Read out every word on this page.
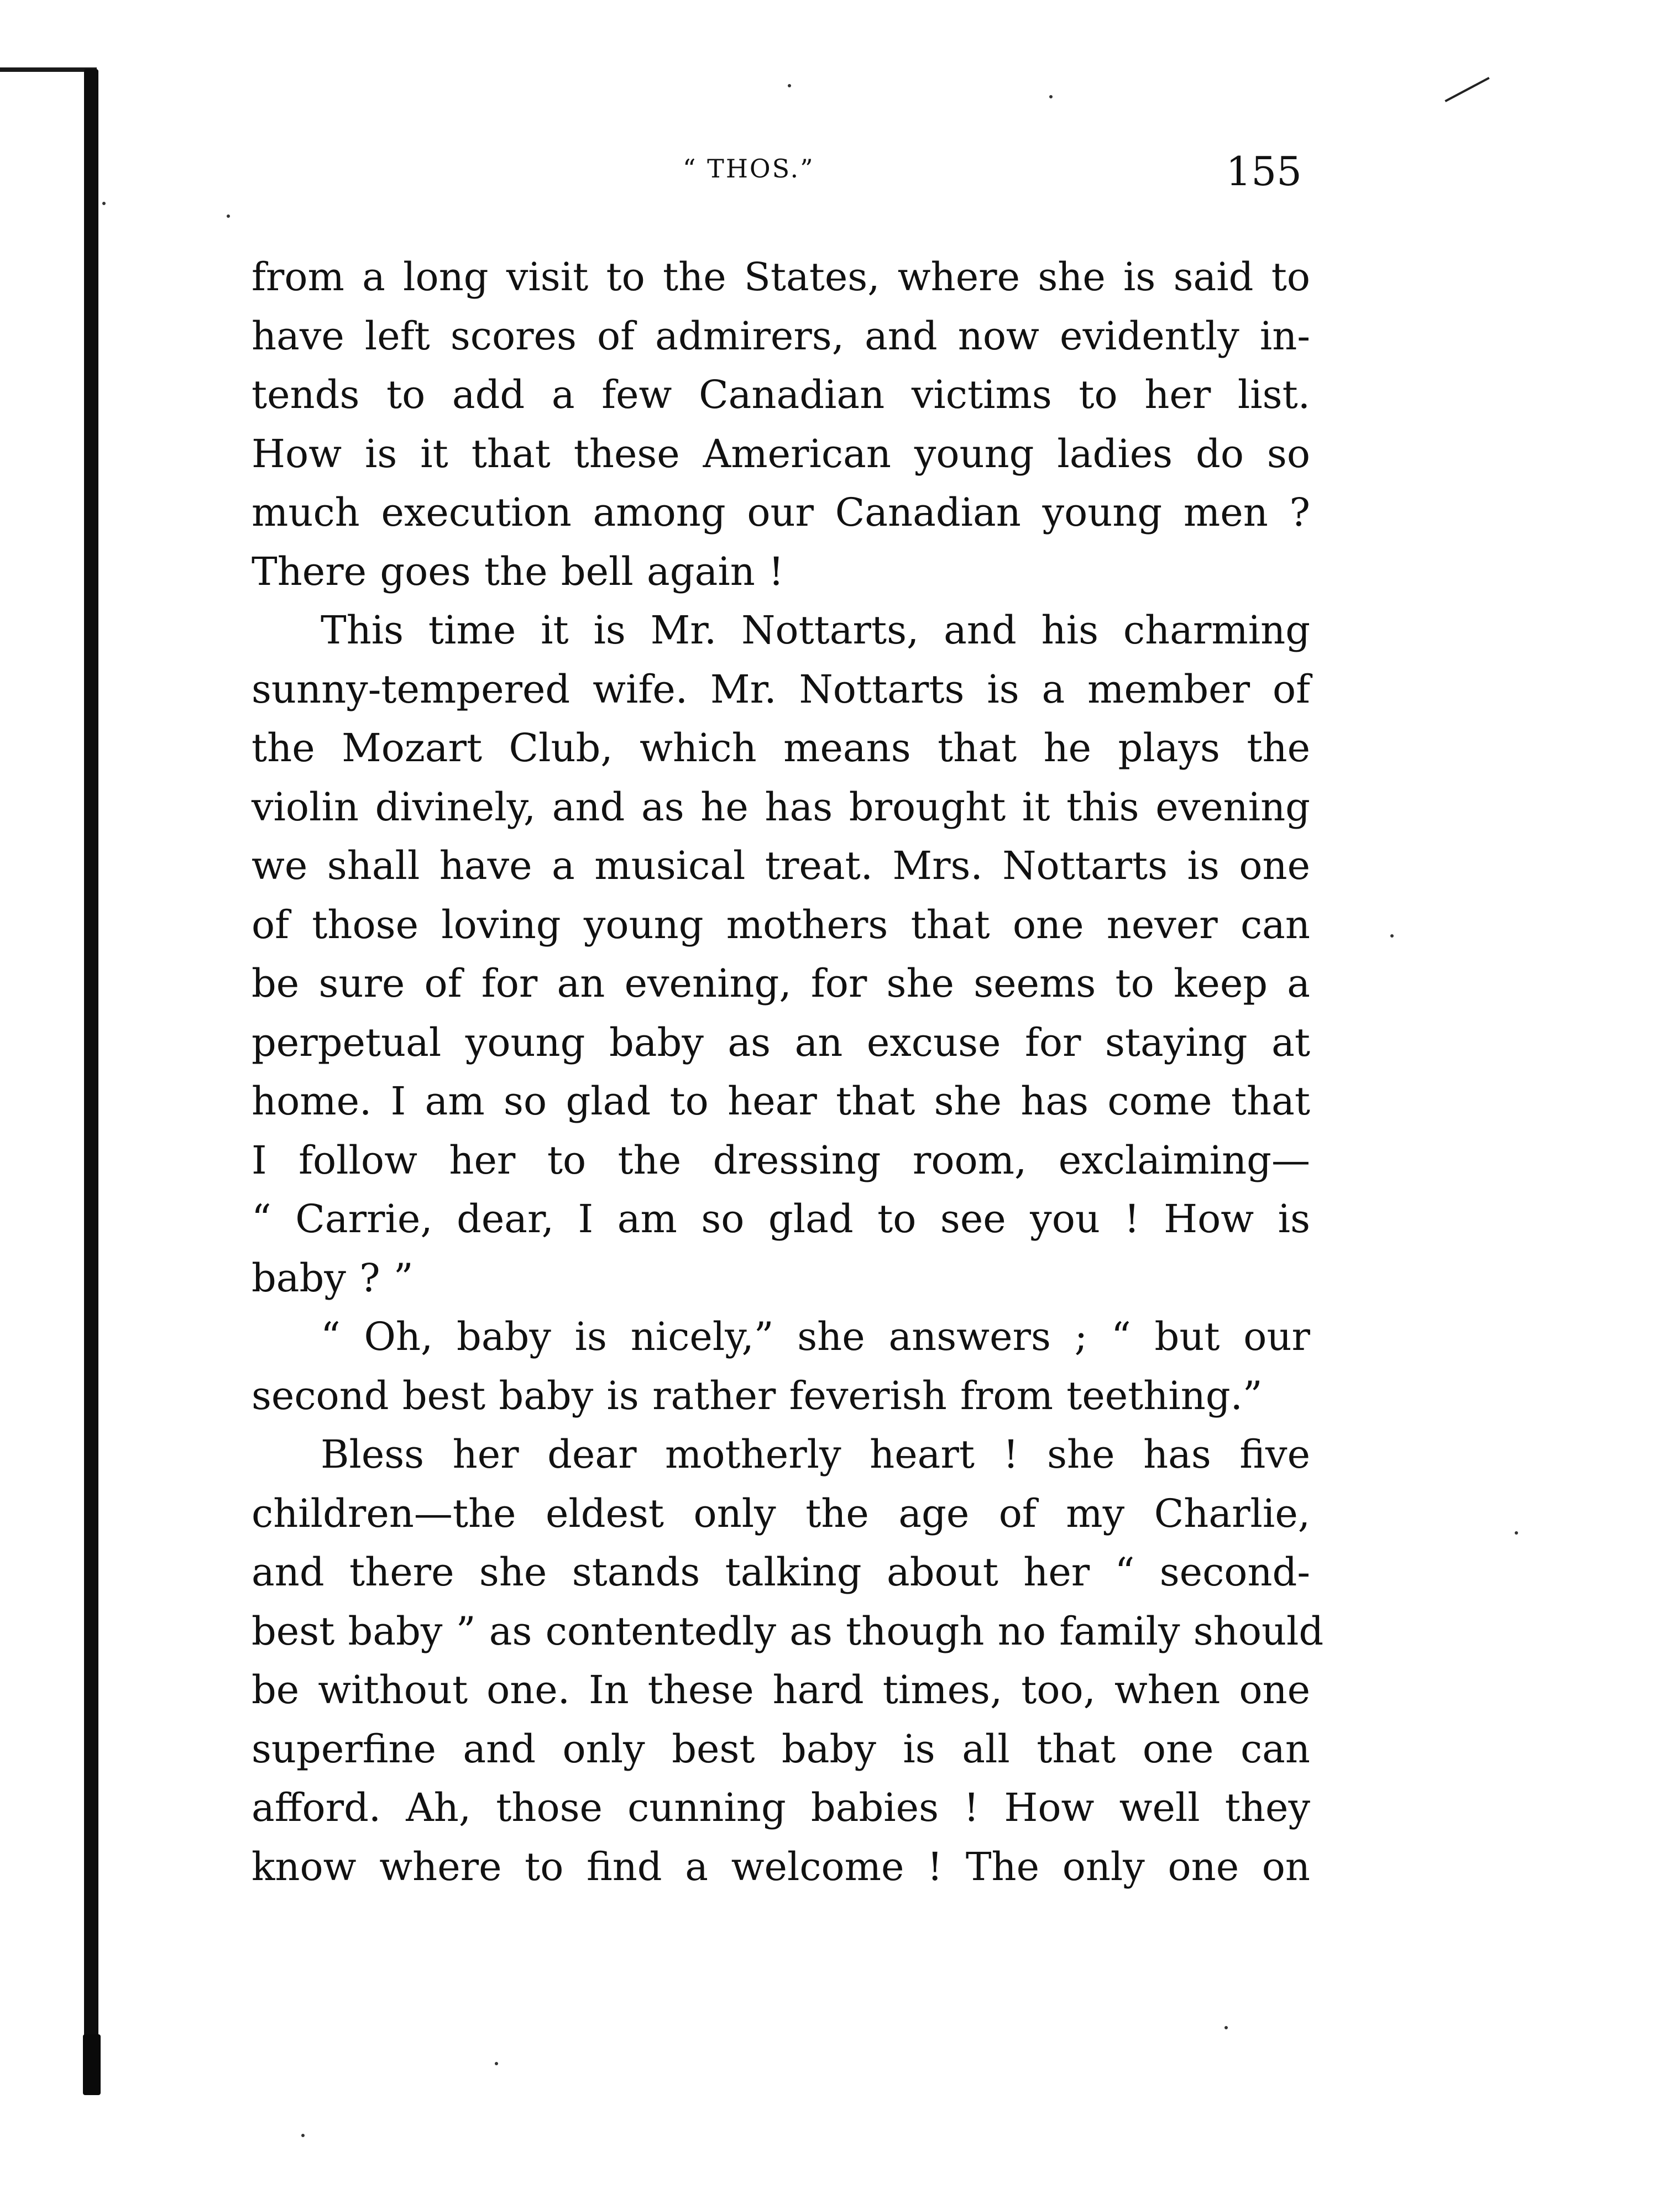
“ THOS.”	155
from a long visit to the States, where she is said to
have left scores of admirers, and now evidently in-
tends to add a few Canadian victims to her list.
How is it that these American young ladies do so
much execution among our Canadian young men ?
There goes the bell again !
This time it is Mr. Nottarts, and his charming
sunny-tempered wife. Mr. Nottarts is a member of
the Mozart Club, which means that he plays the
violin divinely, and as he has brought it this evening
we shall have a musical treat. Mrs. Nottarts is one
of those loving young mothers that one never can
be sure of for an evening, for she seems to keep a
perpetual young baby as an excuse for staying at
home. I am so glad to hear that she has come that
I follow her to the dressing room, exclaiming—
“ Carrie, dear, I am so glad to see you ! How is
baby ? ”
“ Oh, baby is nicely,” she answers ; “ but our
second best baby is rather feverish from teething.”
Bless her dear motherly heart ! she has five
children—the eldest only the age of my Charlie,
and there she stands talking about her “ second-
best baby ” as contentedly as though no family should
be without one. In these hard times, too, when one
superfine and only best baby is all that one can
afford. Ah, those cunning babies ! How well they
know where to find a welcome ! The only one on
